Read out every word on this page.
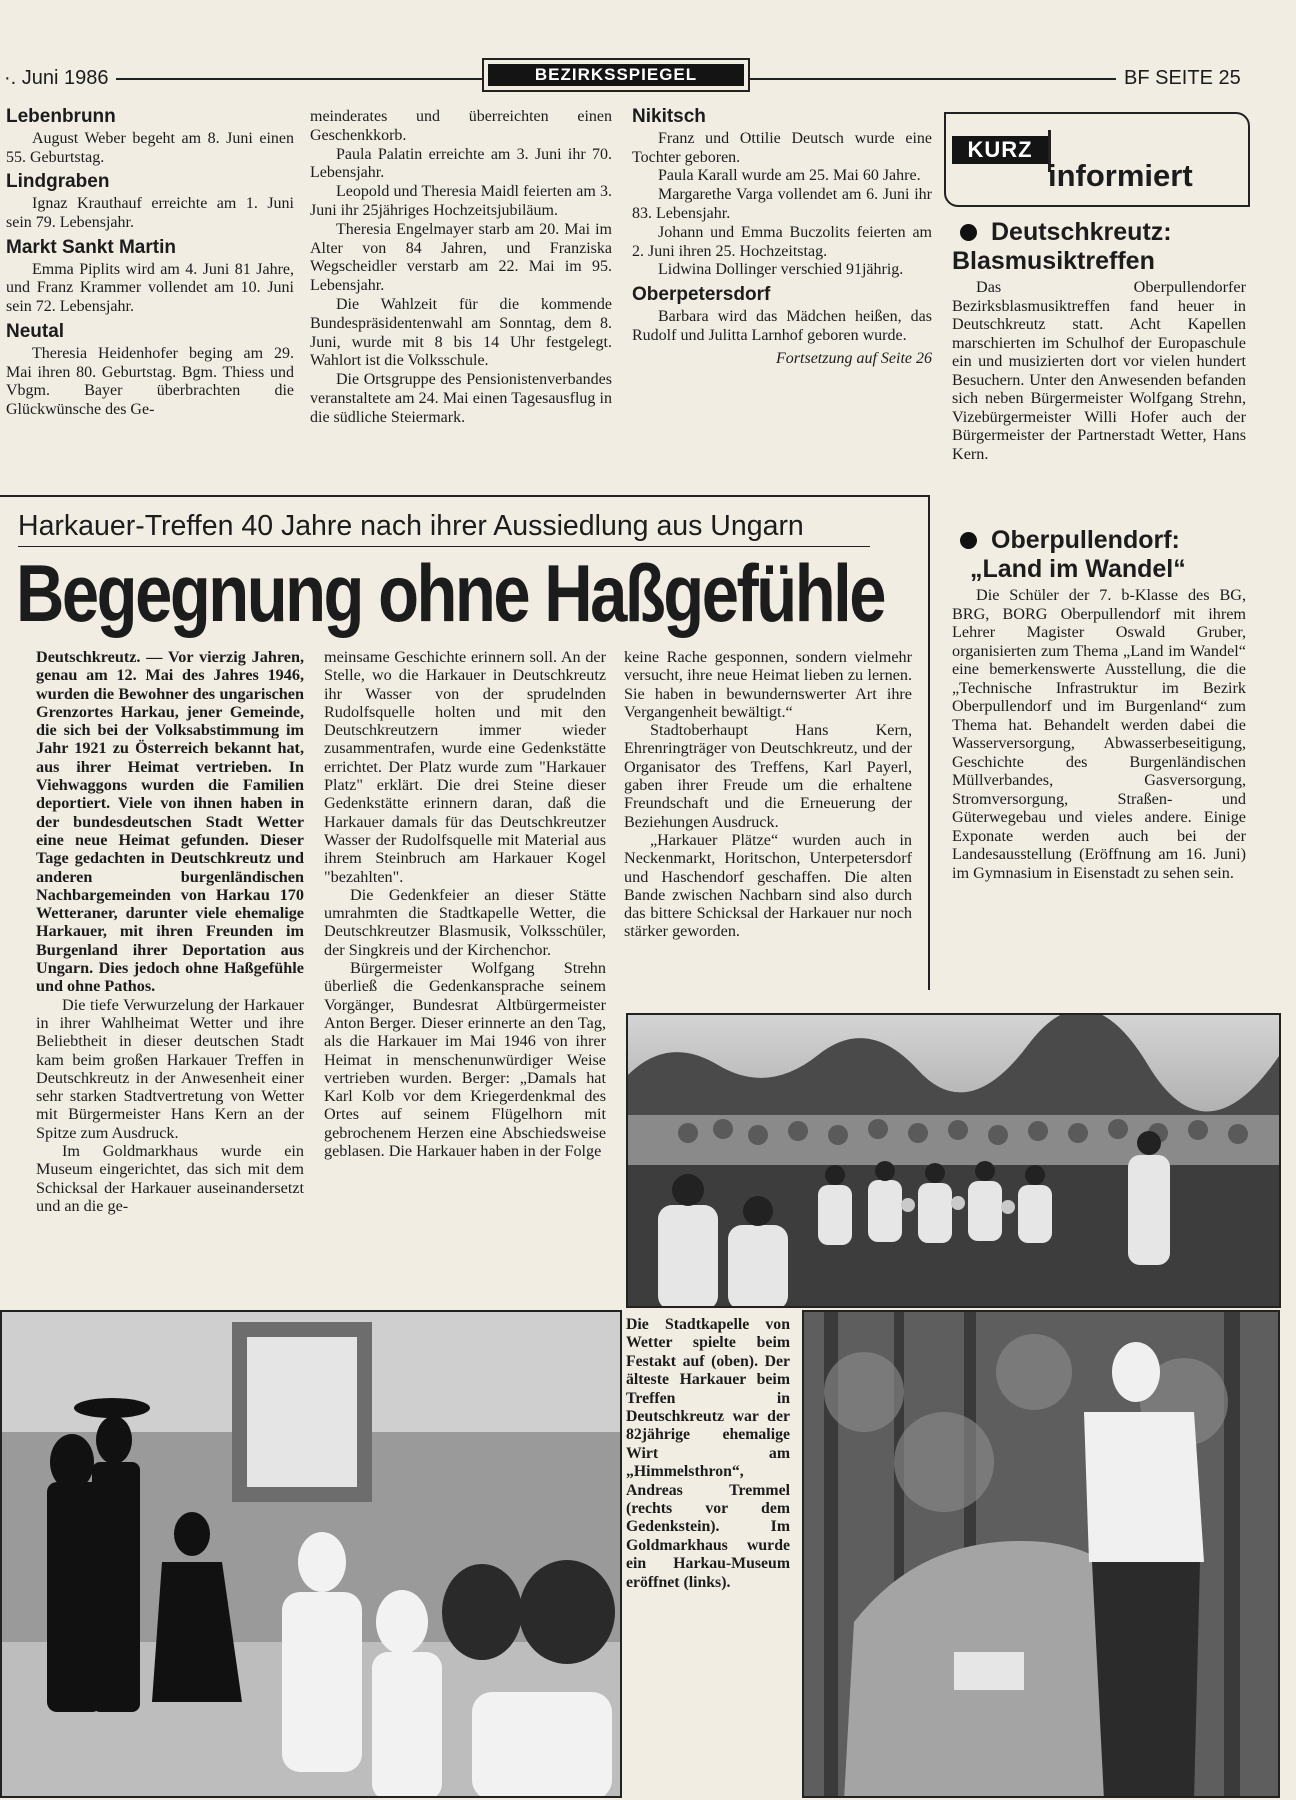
·. Juni 1986	BEZIRKSSPIEGEL	BF SEITE 25
Lebenbrunn

August Weber begeht am 8. Juni einen 55. Geburtstag.

Lindgraben

Ignaz Krauthauf erreichte am 1. Juni sein 79. Lebensjahr.

Markt Sankt Martin

Emma Piplits wird am 4. Juni 81 Jahre, und Franz Krammer vollendet am 10. Juni sein 72. Lebensjahr.

Neutal

Theresia Heidenhofer beging am 29. Mai ihren 80. Geburtstag. Bgm. Thiess und Vbgm. Bayer überbrachten die Glückwünsche des Ge-

meinderates und überreichten einen Geschenkkorb.

Paula Palatin erreichte am 3. Juni ihr 70. Lebensjahr.

Leopold und Theresia Maidl feierten am 3. Juni ihr 25jähriges Hochzeitsjubiläum.

Theresia Engelmayer starb am 20. Mai im Alter von 84 Jahren, und Franziska Wegscheidler verstarb am 22. Mai im 95. Lebensjahr.

Die Wahlzeit für die kommende Bundespräsidentenwahl am Sonntag, dem 8. Juni, wurde mit 8 bis 14 Uhr festgelegt. Wahlort ist die Volksschule.

Die Ortsgruppe des Pensionistenverbandes veranstaltete am 24. Mai einen Tagesausflug in die südliche Steiermark.

Nikitsch

Franz und Ottilie Deutsch wurde eine Tochter geboren.

Paula Karall wurde am 25. Mai 60 Jahre.

Margarethe Varga vollendet am 6. Juni ihr 83. Lebensjahr.

Johann und Emma Buczolits feierten am 2. Juni ihren 25. Hochzeitstag.

Lidwina Dollinger verschied 91jährig.

Oberpetersdorf

Barbara wird das Mädchen heißen, das Rudolf und Julitta Larnhof geboren wurde.

Fortsetzung auf Seite 26

KURZ
informiert

Deutschkreutz:

Blasmusiktreffen

Das Oberpullendorfer Bezirksblasmusiktreffen fand heuer in Deutschkreutz statt. Acht Kapellen marschierten im Schulhof der Europaschule ein und musizierten dort vor vielen hundert Besuchern. Unter den Anwesenden befanden sich neben Bürgermeister Wolfgang Strehn, Vizebürgermeister Willi Hofer auch der Bürgermeister der Partnerstadt Wetter, Hans Kern.

Oberpullendorf:

„Land im Wandel“

Die Schüler der 7. b-Klasse des BG, BRG, BORG Oberpullendorf mit ihrem Lehrer Magister Oswald Gruber, organisierten zum Thema „Land im Wandel“ eine bemerkenswerte Ausstellung, die die „Technische Infrastruktur im Bezirk Oberpullendorf und im Burgenland“ zum Thema hat. Behandelt werden dabei die Wasserversorgung, Abwasserbeseitigung, Geschichte des Burgenländischen Müllverbandes, Gasversorgung, Stromversorgung, Straßen- und Güterwegebau und vieles andere. Einige Exponate werden auch bei der Landesausstellung (Eröffnung am 16. Juni) im Gymnasium in Eisenstadt zu sehen sein.

Harkauer-Treffen 40 Jahre nach ihrer Aussiedlung aus Ungarn
Begegnung ohne Haßgefühle

Deutschkreutz. — Vor vierzig Jahren, genau am 12. Mai des Jahres 1946, wurden die Bewohner des ungarischen Grenzortes Harkau, jener Gemeinde, die sich bei der Volksabstimmung im Jahr 1921 zu Österreich bekannt hat, aus ihrer Heimat vertrieben. In Viehwaggons wurden die Familien deportiert. Viele von ihnen haben in der bundesdeutschen Stadt Wetter eine neue Heimat gefunden. Dieser Tage gedachten in Deutschkreutz und anderen burgenländischen Nachbargemeinden von Harkau 170 Wetteraner, darunter viele ehemalige Harkauer, mit ihren Freunden im Burgenland ihrer Deportation aus Ungarn. Dies jedoch ohne Haßgefühle und ohne Pathos.

Die tiefe Verwurzelung der Harkauer in ihrer Wahlheimat Wetter und ihre Beliebtheit in dieser deutschen Stadt kam beim großen Harkauer Treffen in Deutschkreutz in der Anwesenheit einer sehr starken Stadtvertretung von Wetter mit Bürgermeister Hans Kern an der Spitze zum Ausdruck.

Im Goldmarkhaus wurde ein Museum eingerichtet, das sich mit dem Schicksal der Harkauer auseinandersetzt und an die ge-

meinsame Geschichte erinnern soll. An der Stelle, wo die Harkauer in Deutschkreutz ihr Wasser von der sprudelnden Rudolfsquelle holten und mit den Deutschkreutzern immer wieder zusammentrafen, wurde eine Gedenkstätte errichtet. Der Platz wurde zum "Harkauer Platz" erklärt. Die drei Steine dieser Gedenkstätte erinnern daran, daß die Harkauer damals für das Deutschkreutzer Wasser der Rudolfsquelle mit Material aus ihrem Steinbruch am Harkauer Kogel "bezahlten".

Die Gedenkfeier an dieser Stätte umrahmten die Stadtkapelle Wetter, die Deutschkreutzer Blasmusik, Volksschüler, der Singkreis und der Kirchenchor.

Bürgermeister Wolfgang Strehn überließ die Gedenkansprache seinem Vorgänger, Bundesrat Altbürgermeister Anton Berger. Dieser erinnerte an den Tag, als die Harkauer im Mai 1946 von ihrer Heimat in menschenunwürdiger Weise vertrieben wurden. Berger: „Damals hat Karl Kolb vor dem Kriegerdenkmal des Ortes auf seinem Flügelhorn mit gebrochenem Herzen eine Abschiedsweise geblasen. Die Harkauer haben in der Folge

keine Rache gesponnen, sondern vielmehr versucht, ihre neue Heimat lieben zu lernen. Sie haben in bewundernswerter Art ihre Vergangenheit bewältigt.“

Stadtoberhaupt Hans Kern, Ehrenringträger von Deutschkreutz, und der Organisator des Treffens, Karl Payerl, gaben ihrer Freude um die erhaltene Freundschaft und die Erneuerung der Beziehungen Ausdruck.

„Harkauer Plätze“ wurden auch in Neckenmarkt, Horitschon, Unterpetersdorf und Haschendorf geschaffen. Die alten Bande zwischen Nachbarn sind also durch das bittere Schicksal der Harkauer nur noch stärker geworden.

Die Stadtkapelle von Wetter spielte beim Festakt auf (oben). Der älteste Harkauer beim Treffen in Deutschkreutz war der 82jährige ehemalige Wirt am „Himmelsthron“, Andreas Tremmel (rechts vor dem Gedenkstein). Im Goldmarkhaus wurde ein Harkau-Museum eröffnet (links).
